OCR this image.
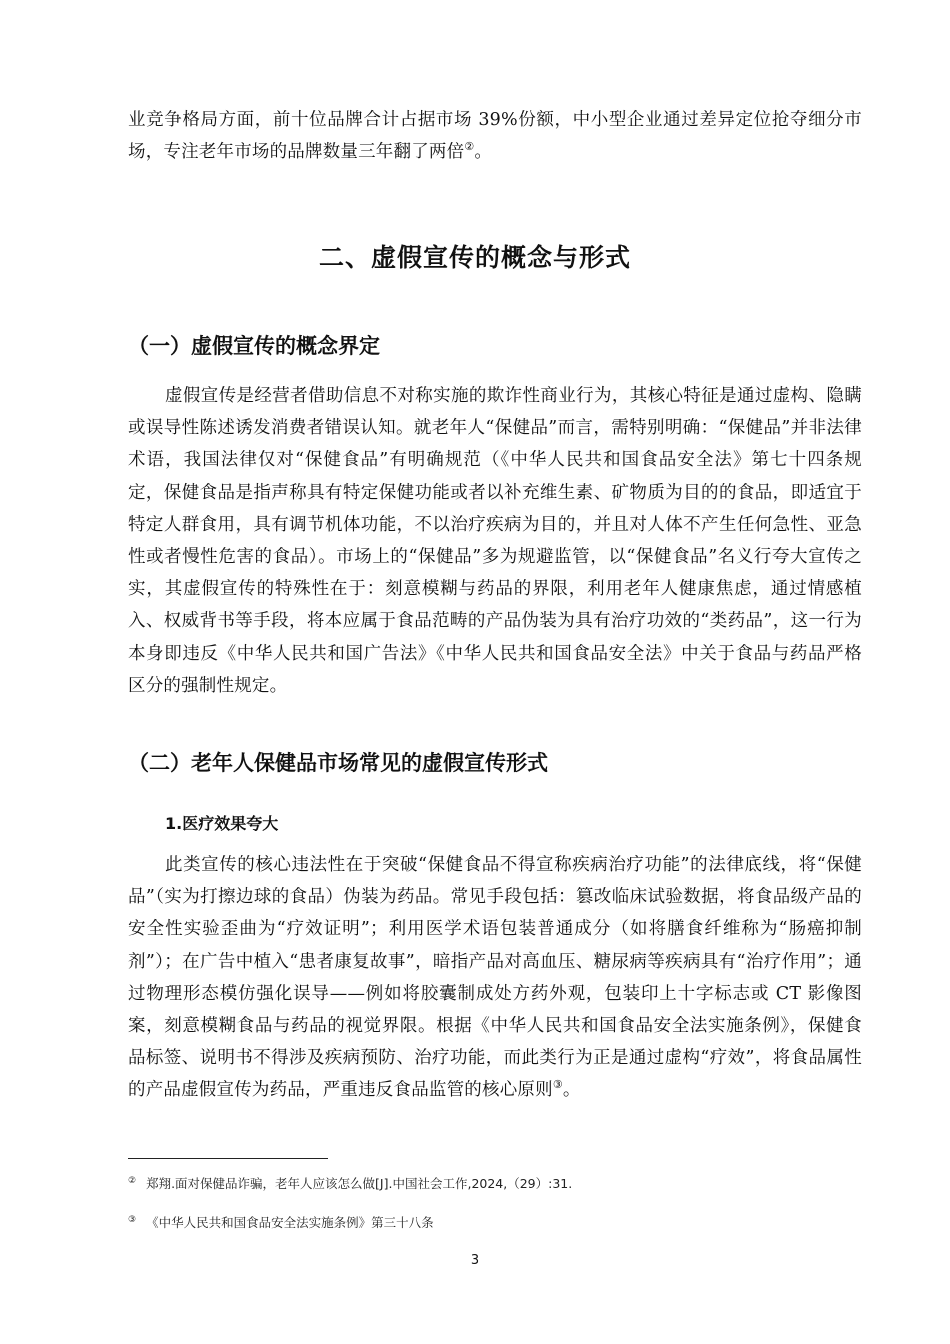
业竞争格局方面，前十位品牌合计占据市场 39%份额，中小型企业通过差异定位抢夺细分市场，专注老年市场的品牌数量三年翻了两倍②。

二、虚假宣传的概念与形式
（一）虚假宣传的概念界定

虚假宣传是经营者借助信息不对称实施的欺诈性商业行为，其核心特征是通过虚构、隐瞒或误导性陈述诱发消费者错误认知。就老年人“保健品”而言，需特别明确：“保健品”并非法律术语，我国法律仅对“保健食品”有明确规范（《中华人民共和国食品安全法》第七十四条规定，保健食品是指声称具有特定保健功能或者以补充维生素、矿物质为目的的食品，即适宜于特定人群食用，具有调节机体功能，不以治疗疾病为目的，并且对人体不产生任何急性、亚急性或者慢性危害的食品）。市场上的“保健品”多为规避监管，以“保健食品”名义行夸大宣传之实，其虚假宣传的特殊性在于：刻意模糊与药品的界限，利用老年人健康焦虑，通过情感植入、权威背书等手段，将本应属于食品范畴的产品伪装为具有治疗功效的“类药品”，这一行为本身即违反《中华人民共和国广告法》《中华人民共和国食品安全法》中关于食品与药品严格区分的强制性规定。

（二）老年人保健品市场常见的虚假宣传形式
1.医疗效果夸大

此类宣传的核心违法性在于突破“保健食品不得宣称疾病治疗功能”的法律底线，将“保健品”（实为打擦边球的食品）伪装为药品。常见手段包括：篡改临床试验数据，将食品级产品的安全性实验歪曲为“疗效证明”；利用医学术语包装普通成分（如将膳食纤维称为“肠癌抑制剂”）；在广告中植入“患者康复故事”，暗指产品对高血压、糖尿病等疾病具有“治疗作用”；通过物理形态模仿强化误导——例如将胶囊制成处方药外观，包装印上十字标志或 CT 影像图案，刻意模糊食品与药品的视觉界限。根据《中华人民共和国食品安全法实施条例》，保健食品标签、说明书不得涉及疾病预防、治疗功能，而此类行为正是通过虚构“疗效”，将食品属性的产品虚假宣传为药品，严重违反食品监管的核心原则③。

② 郑翔.面对保健品诈骗，老年人应该怎么做[J].中国社会工作,2024,（29）:31.
③ 《中华人民共和国食品安全法实施条例》第三十八条
3
